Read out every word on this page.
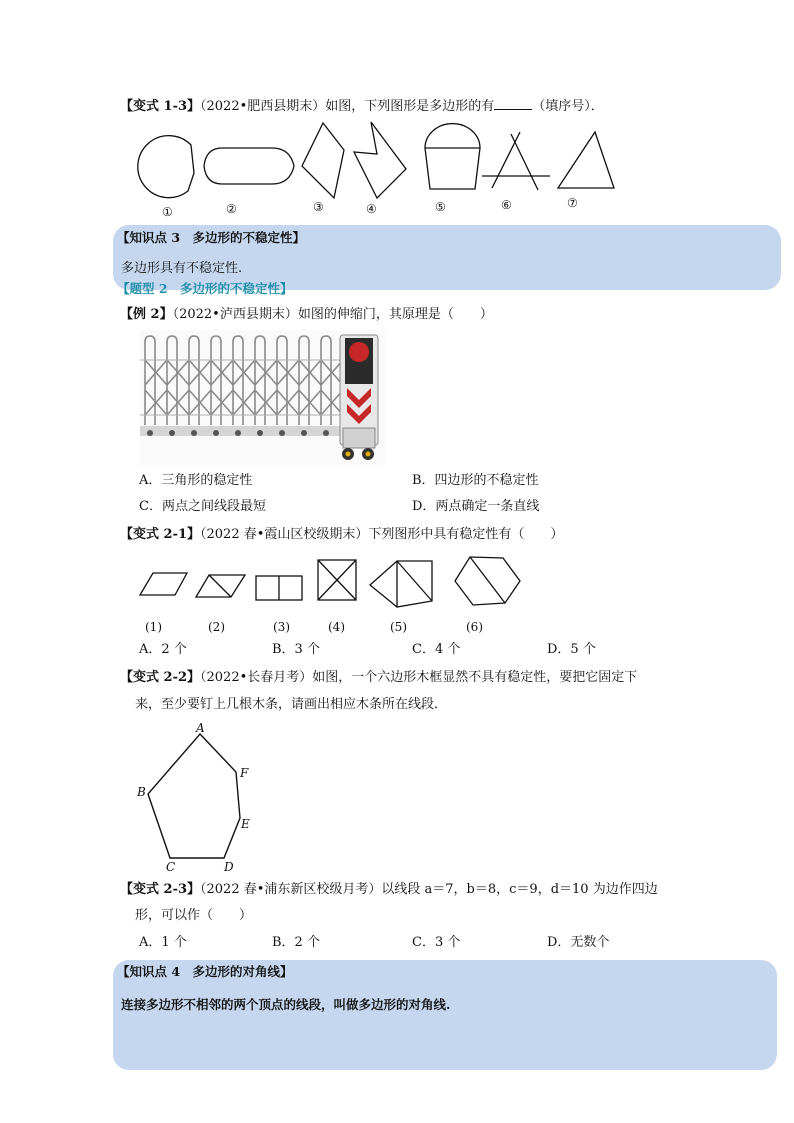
【变式 1-3】（2022•肥西县期末）如图，下列图形是多边形的有	（填序号）．
①	②	③	④	⑤	⑥	⑦
【知识点 3　多边形的不稳定性】
多边形具有不稳定性.
【题型 2　多边形的不稳定性】
【例 2】（2022•泸西县期末）如图的伸缩门，其原理是（　　）
A．三角形的稳定性	B．四边形的不稳定性
C．两点之间线段最短	D．两点确定一条直线
【变式 2-1】（2022 春•霞山区校级期末）下列图形中具有稳定性有（　　）
(1)	(2)	(3)	(4)	(5)	(6)
A．2 个	B．3 个	C．4 个	D．5 个
【变式 2-2】（2022•长春月考）如图，一个六边形木框显然不具有稳定性，要把它固定下
来，至少要钉上几根木条，请画出相应木条所在线段．
A
F
B
E
C	D
【变式 2-3】（2022 春•浦东新区校级月考）以线段 a＝7，b＝8，c＝9，d＝10 为边作四边
形，可以作（　　）
A．1 个	B．2 个	C．3 个	D．无数个
【知识点 4　多边形的对角线】
连接多边形不相邻的两个顶点的线段，叫做多边形的对角线.
